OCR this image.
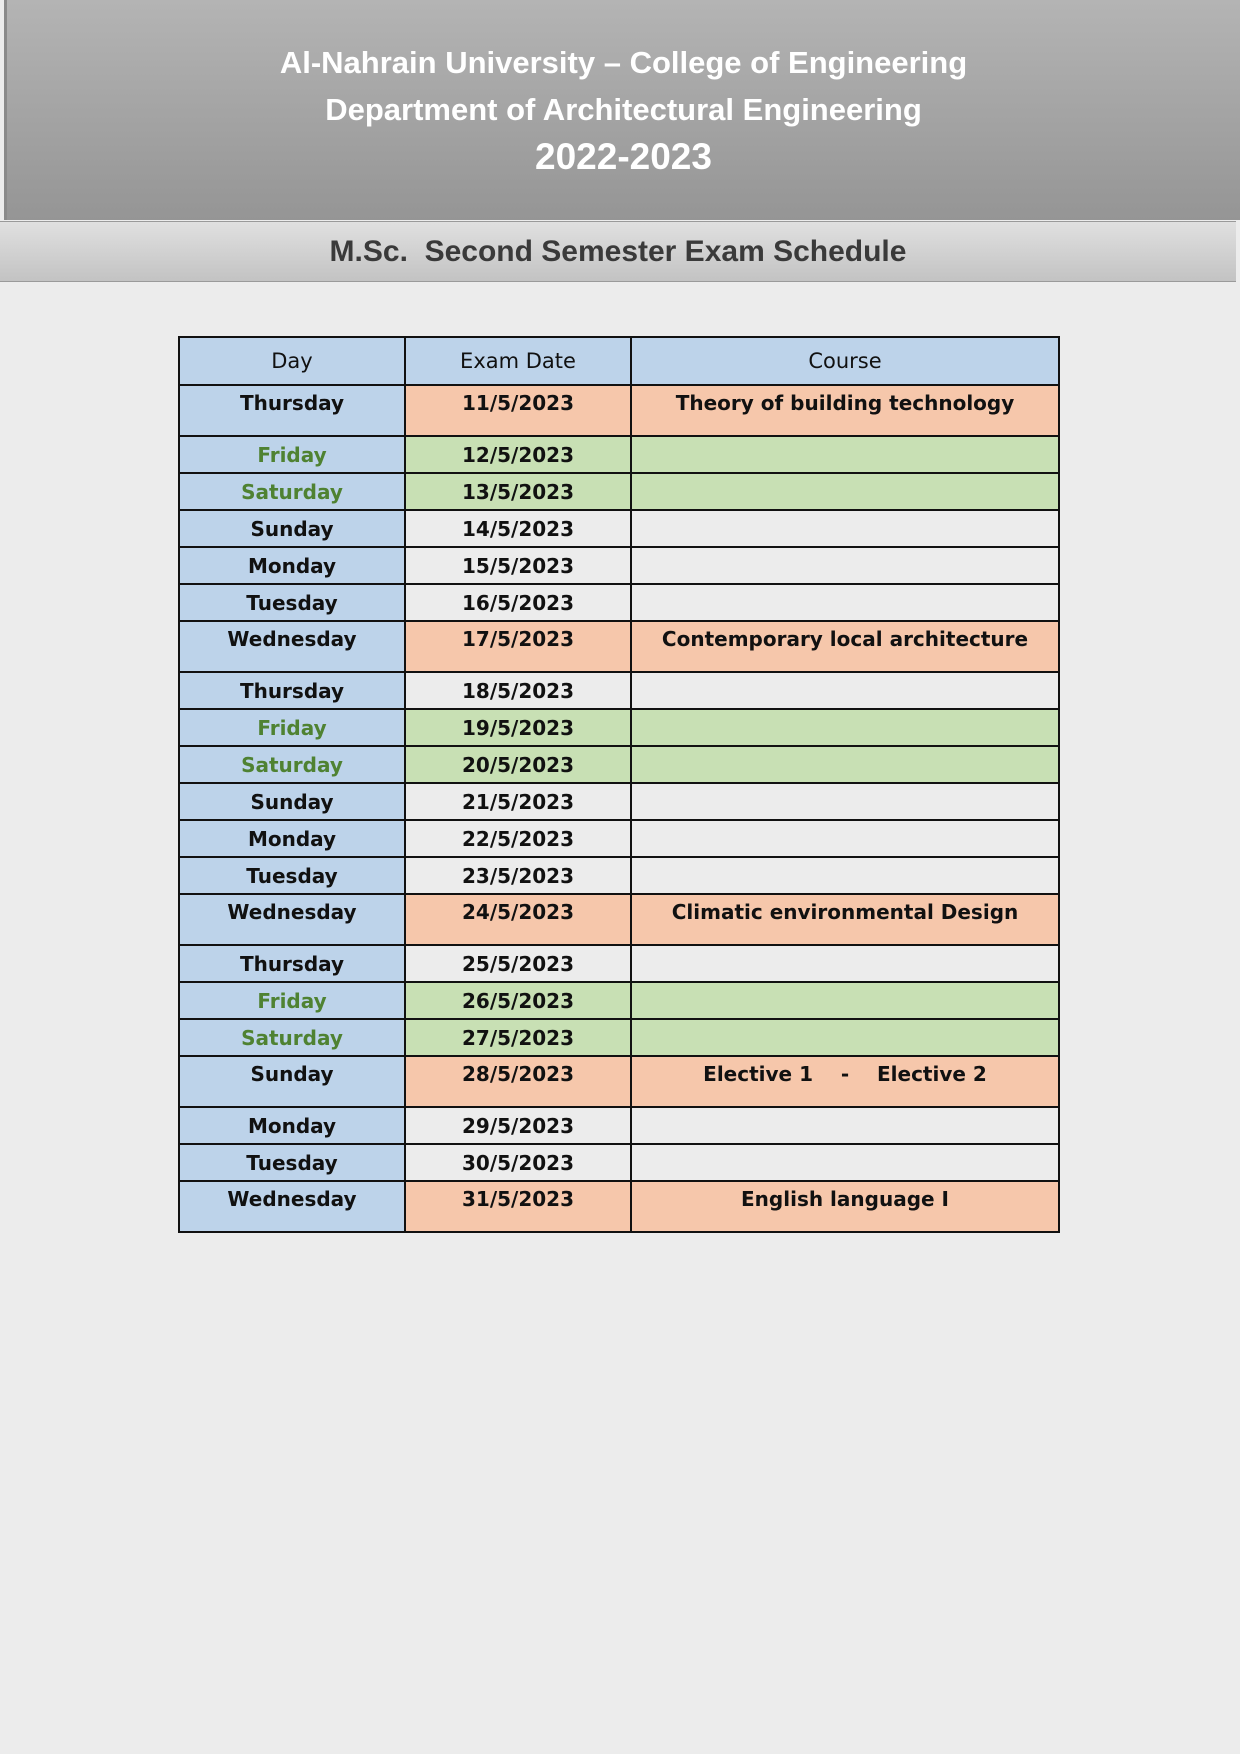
Al-Nahrain University – College of Engineering
Department of Architectural Engineering
2022-2023
M.Sc.  Second Semester Exam Schedule
Day	Exam Date	Course
Thursday	11/5/2023	Theory of building technology
Friday	12/5/2023	
Saturday	13/5/2023	
Sunday	14/5/2023	
Monday	15/5/2023	
Tuesday	16/5/2023	
Wednesday	17/5/2023	Contemporary local architecture
Thursday	18/5/2023	
Friday	19/5/2023	
Saturday	20/5/2023	
Sunday	21/5/2023	
Monday	22/5/2023	
Tuesday	23/5/2023	
Wednesday	24/5/2023	Climatic environmental Design
Thursday	25/5/2023	
Friday	26/5/2023	
Saturday	27/5/2023	
Sunday	28/5/2023	Elective 1    -    Elective 2
Monday	29/5/2023	
Tuesday	30/5/2023	
Wednesday	31/5/2023	English language I
